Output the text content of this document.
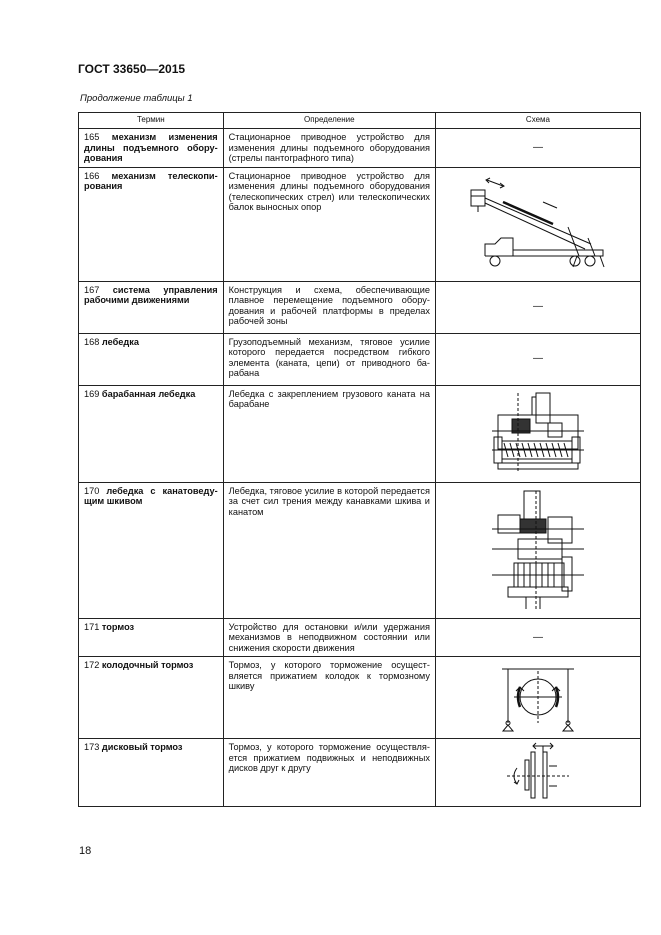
ГОСТ 33650—2015
Продолжение таблицы 1
Термин	Определение	Схема
165 механизм изменения длины подъемного оборудования	Стационарное приводное устройство для изменения длины подъемного оборудования (стрелы пантографного типа)	—
166 механизм телескопирования	Стационарное приводное устройство для изменения длины подъемного оборудования (телескопических стрел) или телескопических балок выносных опор	

167 система управления рабочими движениями	Конструкция и схема, обеспечивающие плавное перемещение подъемного оборудования и рабочей платформы в пределах рабочей зоны	—
168 лебедка	Грузоподъемный механизм, тяговое усилие которого передается посредством гибкого элемента (каната, цепи) от приводного барабана	—
169 барабанная лебедка	Лебедка с закреплением грузового каната на барабане	

170 лебедка с канатоведущим шкивом	Лебедка, тяговое усилие в которой передается за счет сил трения между канавками шкива и канатом	

171 тормоз	Устройство для остановки и/или удержания механизмов в неподвижном состоянии или снижения скорости движения	—
172 колодочный тормоз	Тормоз, у которого торможение осуществляется прижатием колодок к тормозному шкиву	

173 дисковый тормоз	Тормоз, у которого торможение осуществляется прижатием подвижных и неподвижных дисков друг к другу	
18
